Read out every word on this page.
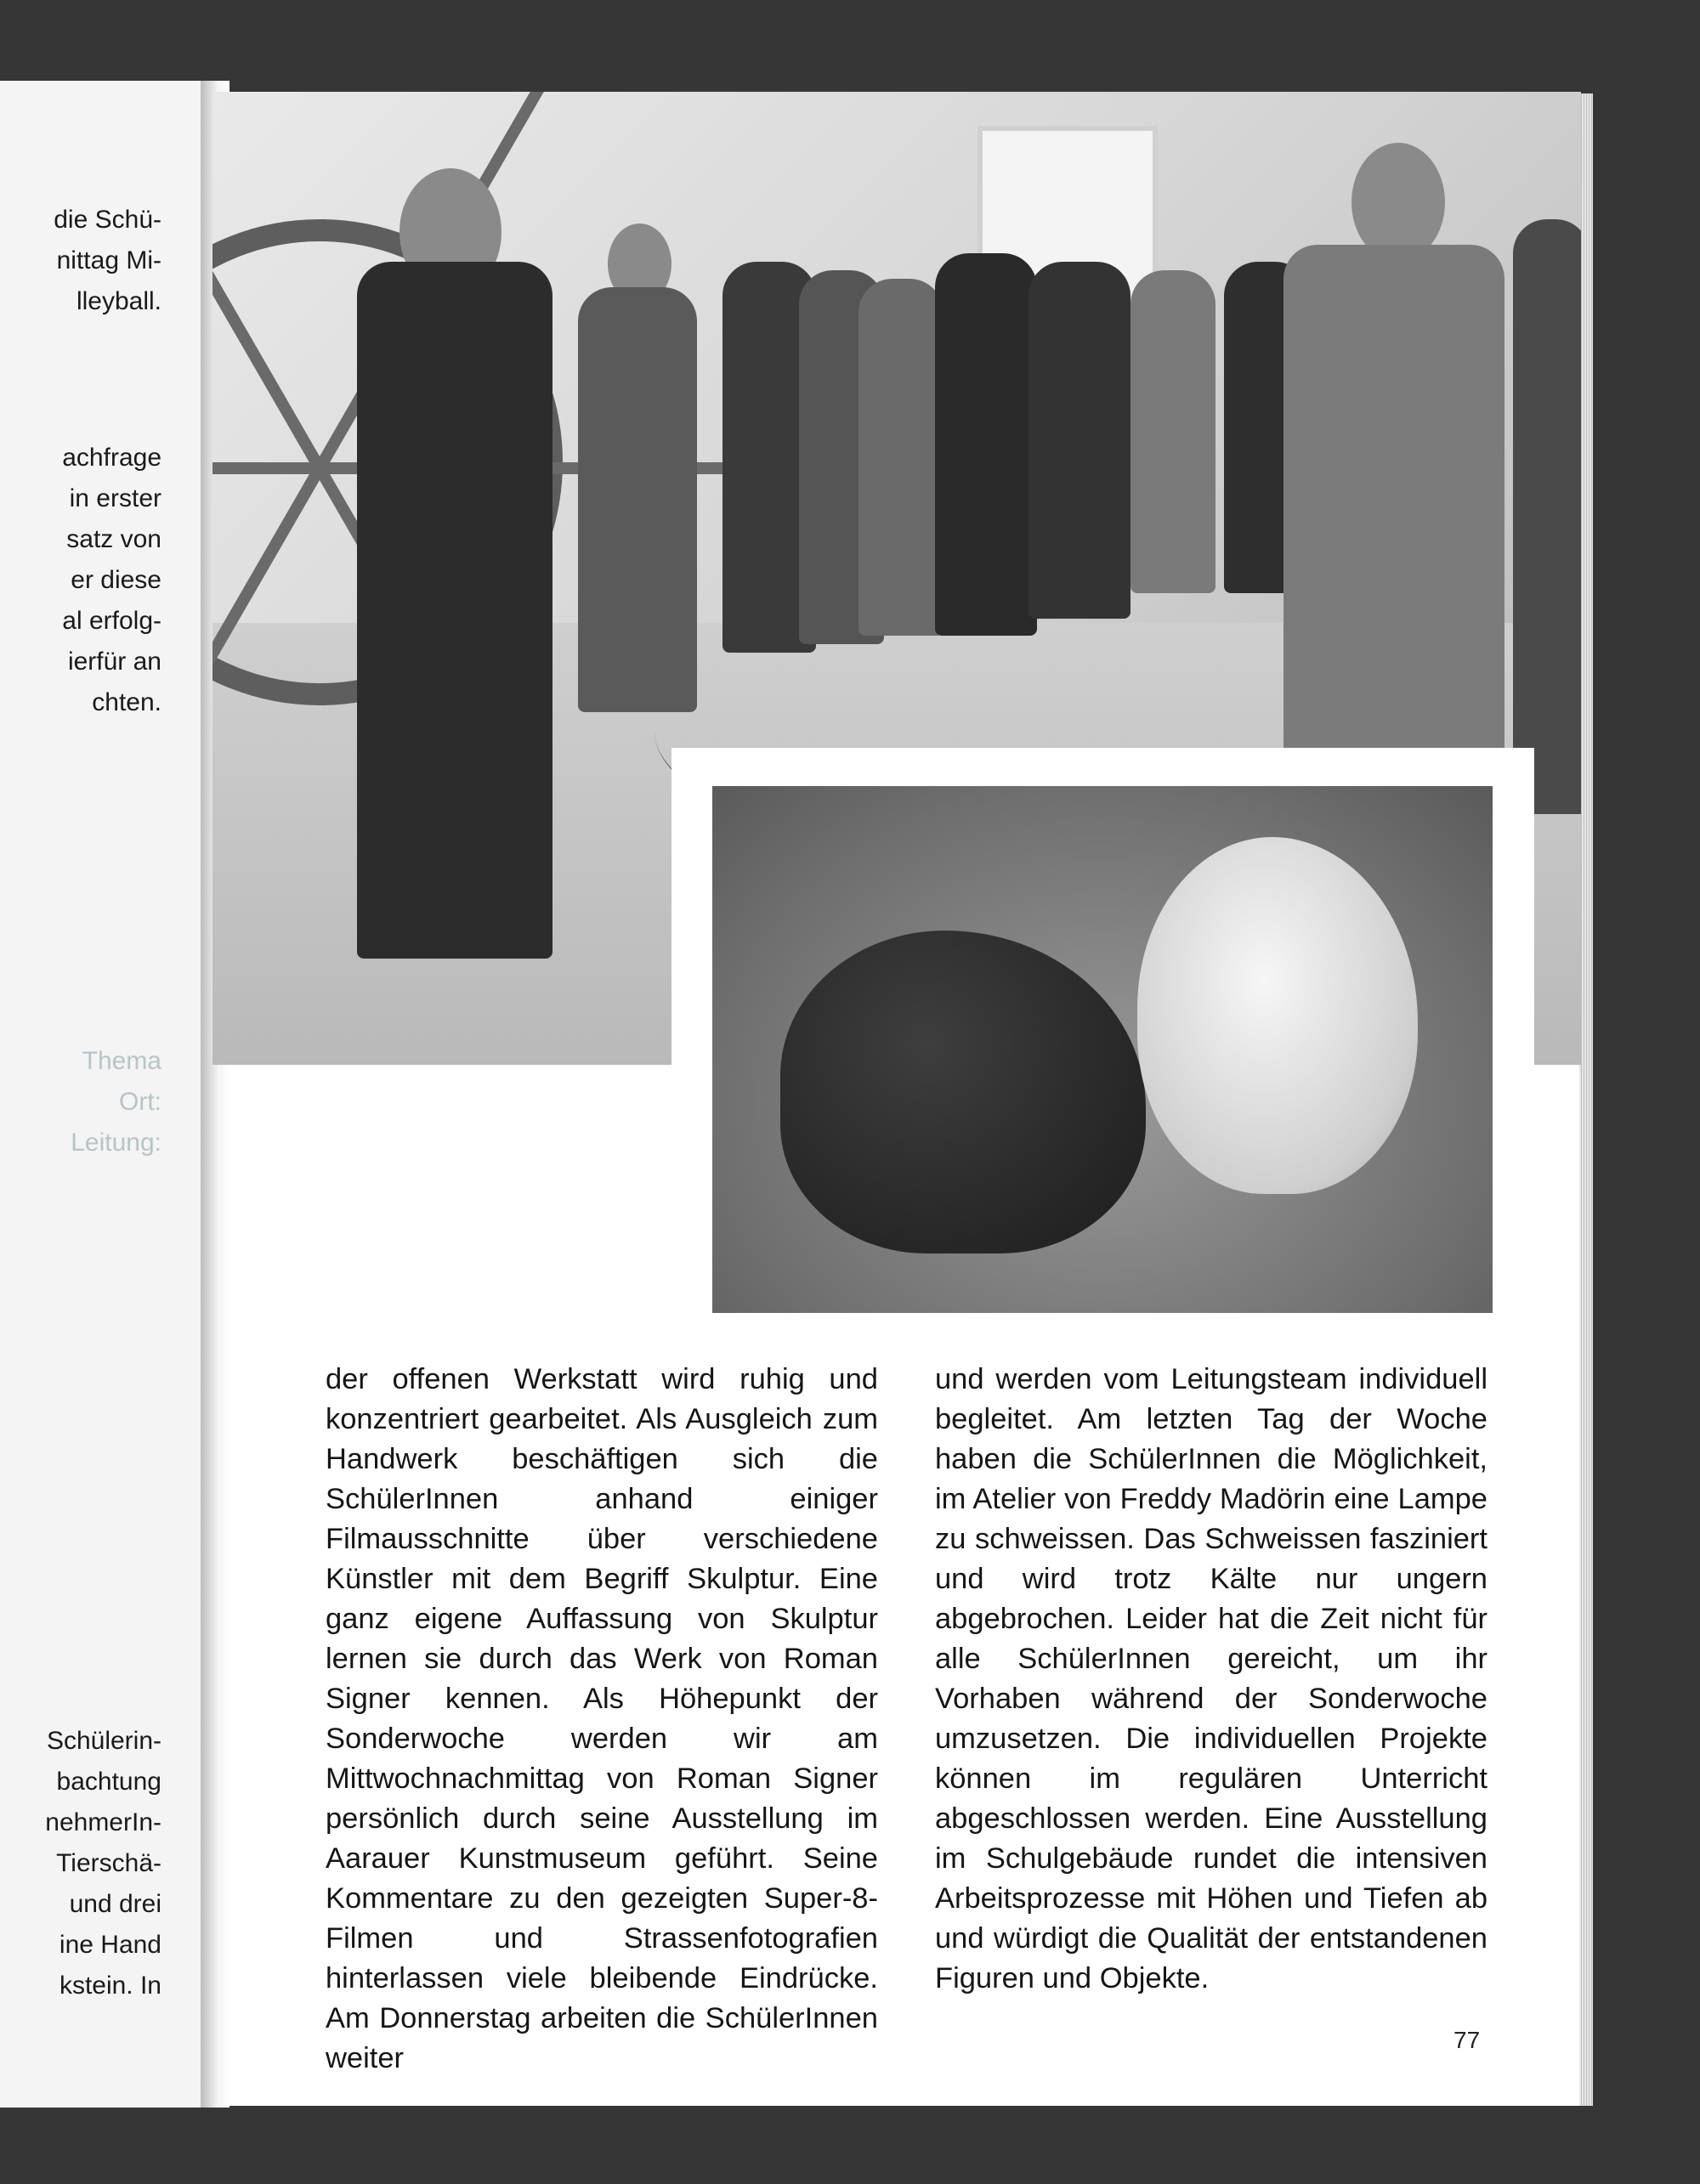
die Schü-
nittag Mi-
lleyball.
achfrage
in erster
satz von
er diese
al erfolg-
ierfür an
chten.
Thema
Ort:
Leitung:
Schülerin-
bachtung
nehmerIn-
Tierschä-
und drei
ine Hand
kstein. In

der offenen Werkstatt wird ruhig und konzentriert gearbeitet. Als Ausgleich zum Handwerk beschäftigen sich die SchülerInnen anhand einiger Filmausschnitte über verschiedene Künstler mit dem Begriff Skulptur. Eine ganz eigene Auffassung von Skulptur lernen sie durch das Werk von Roman Signer kennen. Als Höhepunkt der Sonderwoche werden wir am Mittwochnachmittag von Roman Signer persönlich durch seine Ausstellung im Aarauer Kunstmuseum geführt. Seine Kommentare zu den gezeigten Super-8-Filmen und Strassenfotografien hinterlassen viele bleibende Eindrücke. Am Donnerstag arbeiten die SchülerInnen weiter

und werden vom Leitungsteam individuell begleitet. Am letzten Tag der Woche haben die SchülerInnen die Möglichkeit, im Atelier von Freddy Madörin eine Lampe zu schweissen. Das Schweissen fasziniert und wird trotz Kälte nur ungern abgebrochen. Leider hat die Zeit nicht für alle SchülerInnen gereicht, um ihr Vorhaben während der Sonderwoche umzusetzen. Die individuellen Projekte können im regulären Unterricht abgeschlossen werden. Eine Ausstellung im Schulgebäude rundet die intensiven Arbeitsprozesse mit Höhen und Tiefen ab und würdigt die Qualität der entstandenen Figuren und Objekte.

77
